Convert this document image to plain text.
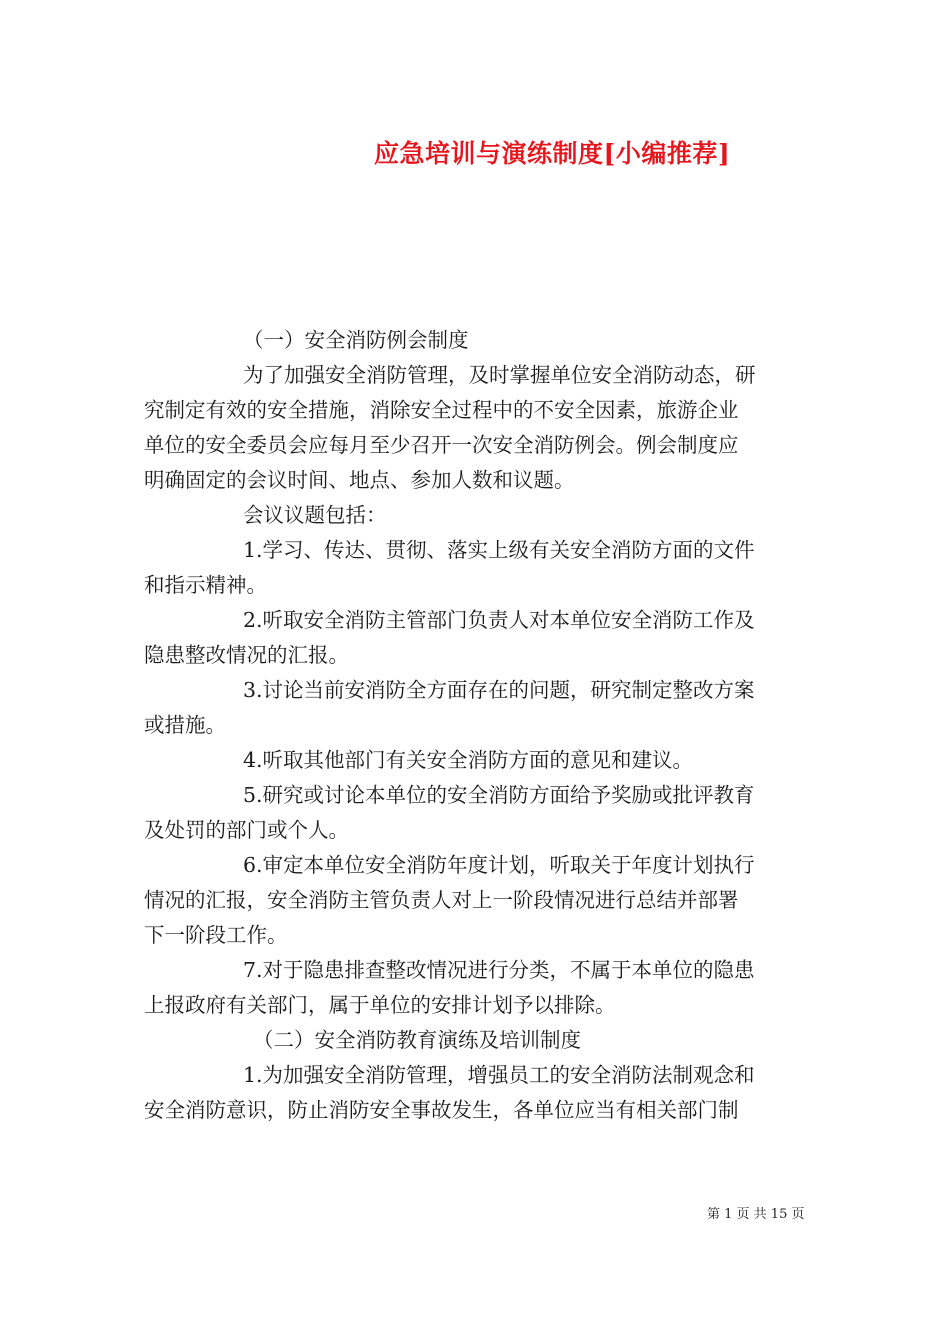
应急培训与演练制度[小编推荐]
（一）安全消防例会制度
为了加强安全消防管理，及时掌握单位安全消防动态，研
究制定有效的安全措施，消除安全过程中的不安全因素，旅游企业
单位的安全委员会应每月至少召开一次安全消防例会。例会制度应
明确固定的会议时间、地点、参加人数和议题。
会议议题包括：
1.学习、传达、贯彻、落实上级有关安全消防方面的文件
和指示精神。
2.听取安全消防主管部门负责人对本单位安全消防工作及
隐患整改情况的汇报。
3.讨论当前安消防全方面存在的问题，研究制定整改方案
或措施。
4.听取其他部门有关安全消防方面的意见和建议。
5.研究或讨论本单位的安全消防方面给予奖励或批评教育
及处罚的部门或个人。
6.审定本单位安全消防年度计划，听取关于年度计划执行
情况的汇报，安全消防主管负责人对上一阶段情况进行总结并部署
下一阶段工作。
7.对于隐患排查整改情况进行分类，不属于本单位的隐患
上报政府有关部门，属于单位的安排计划予以排除。
（二）安全消防教育演练及培训制度
1.为加强安全消防管理，增强员工的安全消防法制观念和
安全消防意识，防止消防安全事故发生，各单位应当有相关部门制
第 1 页 共 15 页
